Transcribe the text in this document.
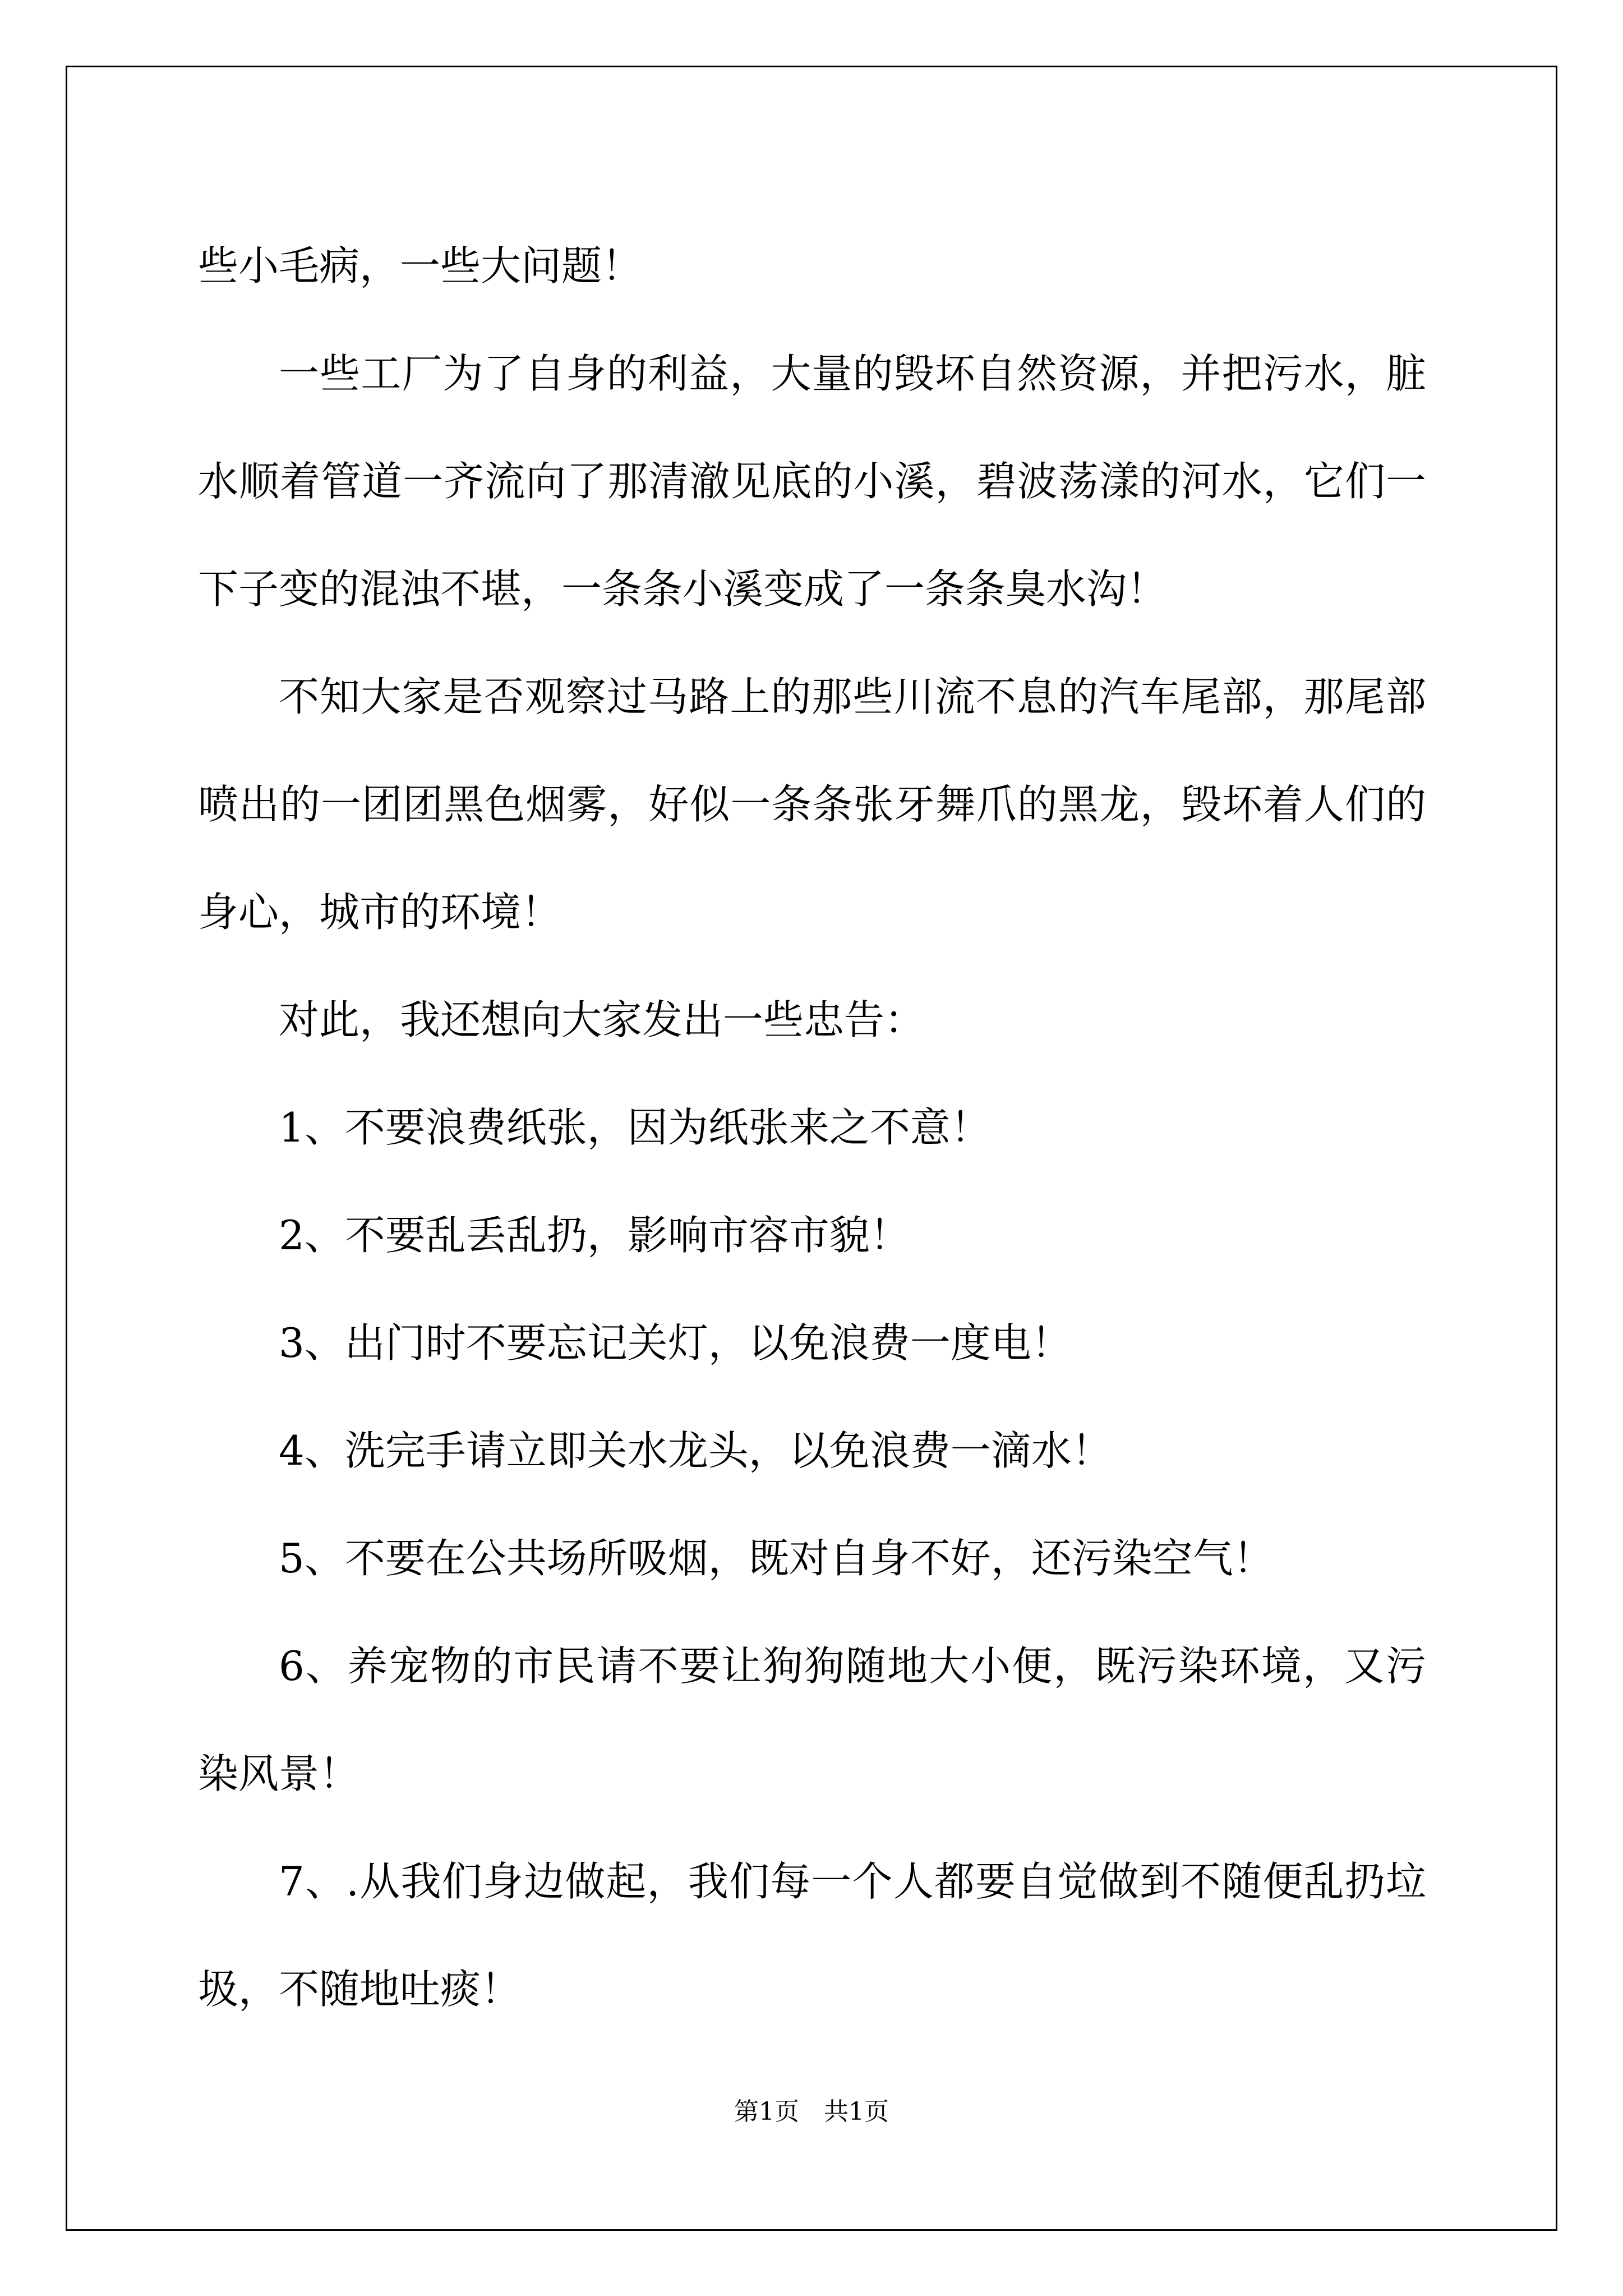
些小毛病，一些大问题！

一些工厂为了自身的利益，大量的毁坏自然资源，并把污水，脏水顺着管道一齐流向了那清澈见底的小溪，碧波荡漾的河水，它们一下子变的混浊不堪，一条条小溪变成了一条条臭水沟！

不知大家是否观察过马路上的那些川流不息的汽车尾部，那尾部喷出的一团团黑色烟雾，好似一条条张牙舞爪的黑龙，毁坏着人们的身心，城市的环境！

对此，我还想向大家发出一些忠告：

1、不要浪费纸张，因为纸张来之不意！

2、不要乱丢乱扔，影响市容市貌！

3、出门时不要忘记关灯，以免浪费一度电！

4、洗完手请立即关水龙头，以免浪费一滴水！

5、不要在公共场所吸烟，既对自身不好，还污染空气！

6、养宠物的市民请不要让狗狗随地大小便，既污染环境，又污染风景！

7、.从我们身边做起，我们每一个人都要自觉做到不随便乱扔垃圾，不随地吐痰！

第1页　共1页
